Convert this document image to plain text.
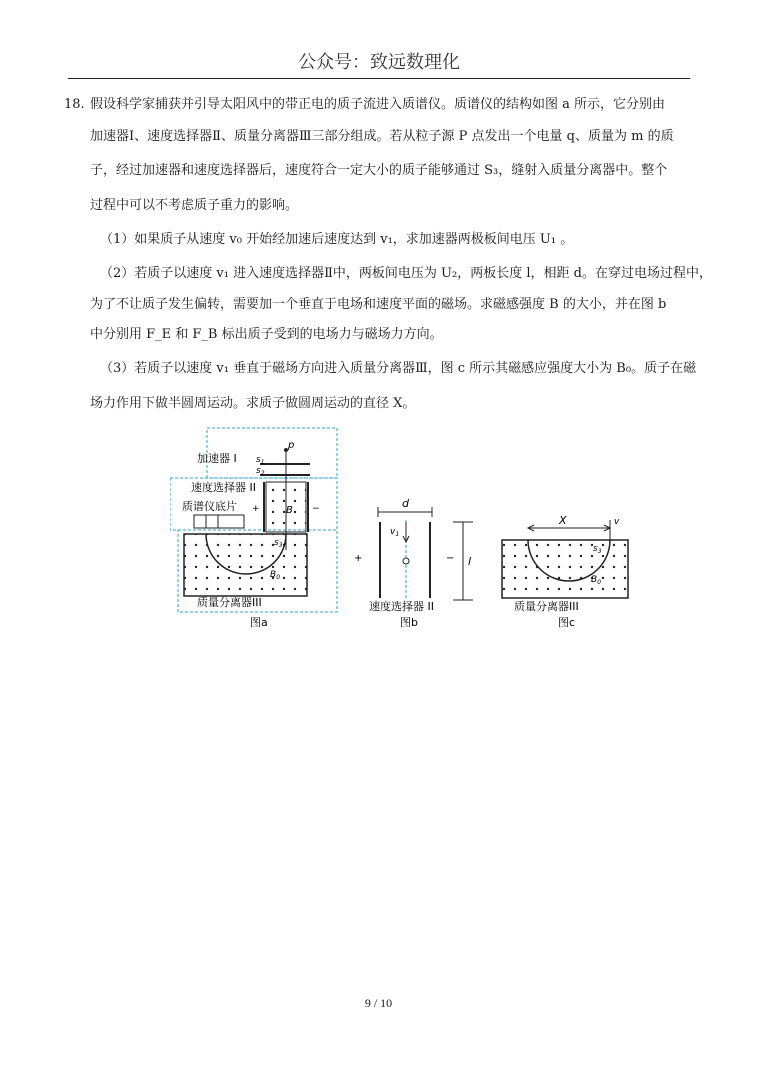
公众号：致远数理化
18. 假设科学家捕获并引导太阳风中的带正电的质子流进入质谱仪。质谱仪的结构如图 a 所示，它分别由
加速器Ⅰ、速度选择器Ⅱ、质量分离器Ⅲ三部分组成。若从粒子源 P 点发出一个电量 q、质量为 m 的质
子，经过加速器和速度选择器后，速度符合一定大小的质子能够通过 S₃，缝射入质量分离器中。整个
过程中可以不考虑质子重力的影响。
（1）如果质子从速度 v₀ 开始经加速后速度达到 v₁，求加速器两极板间电压 U₁ 。
（2）若质子以速度 v₁ 进入速度选择器Ⅱ中，两板间电压为 U₂，两板长度 l，相距 d。在穿过电场过程中，
为了不让质子发生偏转，需要加一个垂直于电场和速度平面的磁场。求磁感强度 B 的大小，并在图 b
中分别用 F_E 和 F_B 标出质子受到的电场力与磁场力方向。
（3）若质子以速度 v₁ 垂直于磁场方向进入质量分离器Ⅲ，图 c 所示其磁感应强度大小为 B₀。质子在磁
场力作用下做半圆周运动。求质子做圆周运动的直径 X。
加速器 I $s_1$
$s_2$
p
速度选择器 II
质谱仪底片	B
+	−
$s_3$
$B_0$
质量分离器III
图a
d
$v_1$
l
+	−
速度选择器 II
图b
X	v
$s_3$
$B_0$
质量分离器III
图c
9 / 10
